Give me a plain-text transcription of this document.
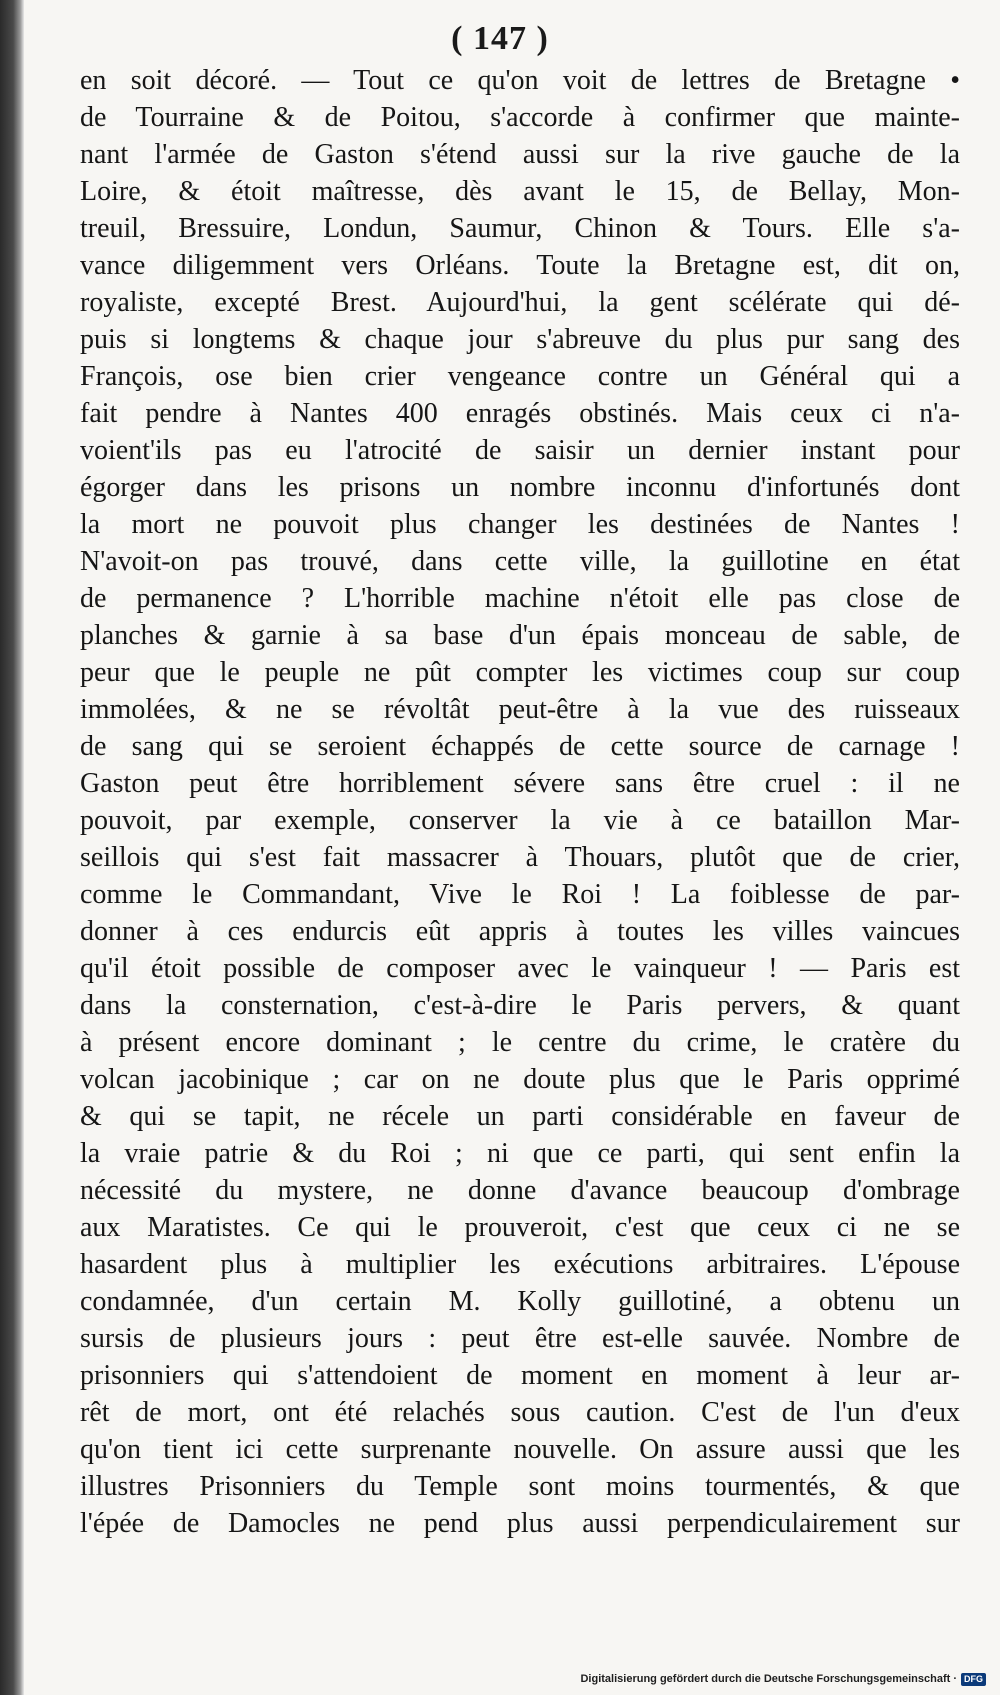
( 147 )
en soit décoré. — Tout ce qu'on voit de lettres de Bretagne •
de Tourraine & de Poitou, s'accorde à confirmer que mainte-
nant l'armée de Gaston s'étend aussi sur la rive gauche de la
Loire, & étoit maîtresse, dès avant le 15, de Bellay, Mon-
treuil, Bressuire, Londun, Saumur, Chinon & Tours. Elle s'a-
vance diligemment vers Orléans. Toute la Bretagne est, dit on,
royaliste, excepté Brest. Aujourd'hui, la gent scélérate qui dé-
puis si longtems & chaque jour s'abreuve du plus pur sang des
François, ose bien crier vengeance contre un Général qui a
fait pendre à Nantes 400 enragés obstinés. Mais ceux ci n'a-
voient'ils pas eu l'atrocité de saisir un dernier instant pour
égorger dans les prisons un nombre inconnu d'infortunés dont
la mort ne pouvoit plus changer les destinées de Nantes !
N'avoit-on pas trouvé, dans cette ville, la guillotine en état
de permanence ? L'horrible machine n'étoit elle pas close de
planches & garnie à sa base d'un épais monceau de sable, de
peur que le peuple ne pût compter les victimes coup sur coup
immolées, & ne se révoltât peut-être à la vue des ruisseaux
de sang qui se seroient échappés de cette source de carnage !
Gaston peut être horriblement sévere sans être cruel : il ne
pouvoit, par exemple, conserver la vie à ce bataillon Mar-
seillois qui s'est fait massacrer à Thouars, plutôt que de crier,
comme le Commandant, Vive le Roi ! La foiblesse de par-
donner à ces endurcis eût appris à toutes les villes vaincues
qu'il étoit possible de composer avec le vainqueur ! — Paris est
dans la consternation, c'est-à-dire le Paris pervers, & quant
à présent encore dominant ; le centre du crime, le cratère du
volcan jacobinique ; car on ne doute plus que le Paris opprimé
& qui se tapit, ne récele un parti considérable en faveur de
la vraie patrie & du Roi ; ni que ce parti, qui sent enfin la
nécessité du mystere, ne donne d'avance beaucoup d'ombrage
aux Maratistes. Ce qui le prouveroit, c'est que ceux ci ne se
hasardent plus à multiplier les exécutions arbitraires. L'épouse
condamnée, d'un certain M. Kolly guillotiné, a obtenu un
sursis de plusieurs jours : peut être est-elle sauvée. Nombre de
prisonniers qui s'attendoient de moment en moment à leur ar-
rêt de mort, ont été relachés sous caution. C'est de l'un d'eux
qu'on tient ici cette surprenante nouvelle. On assure aussi que les
illustres Prisonniers du Temple sont moins tourmentés, & que
l'épée de Damocles ne pend plus aussi perpendiculairement sur
Digitalisierung gefördert durch die Deutsche Forschungsgemeinschaft · DFG
